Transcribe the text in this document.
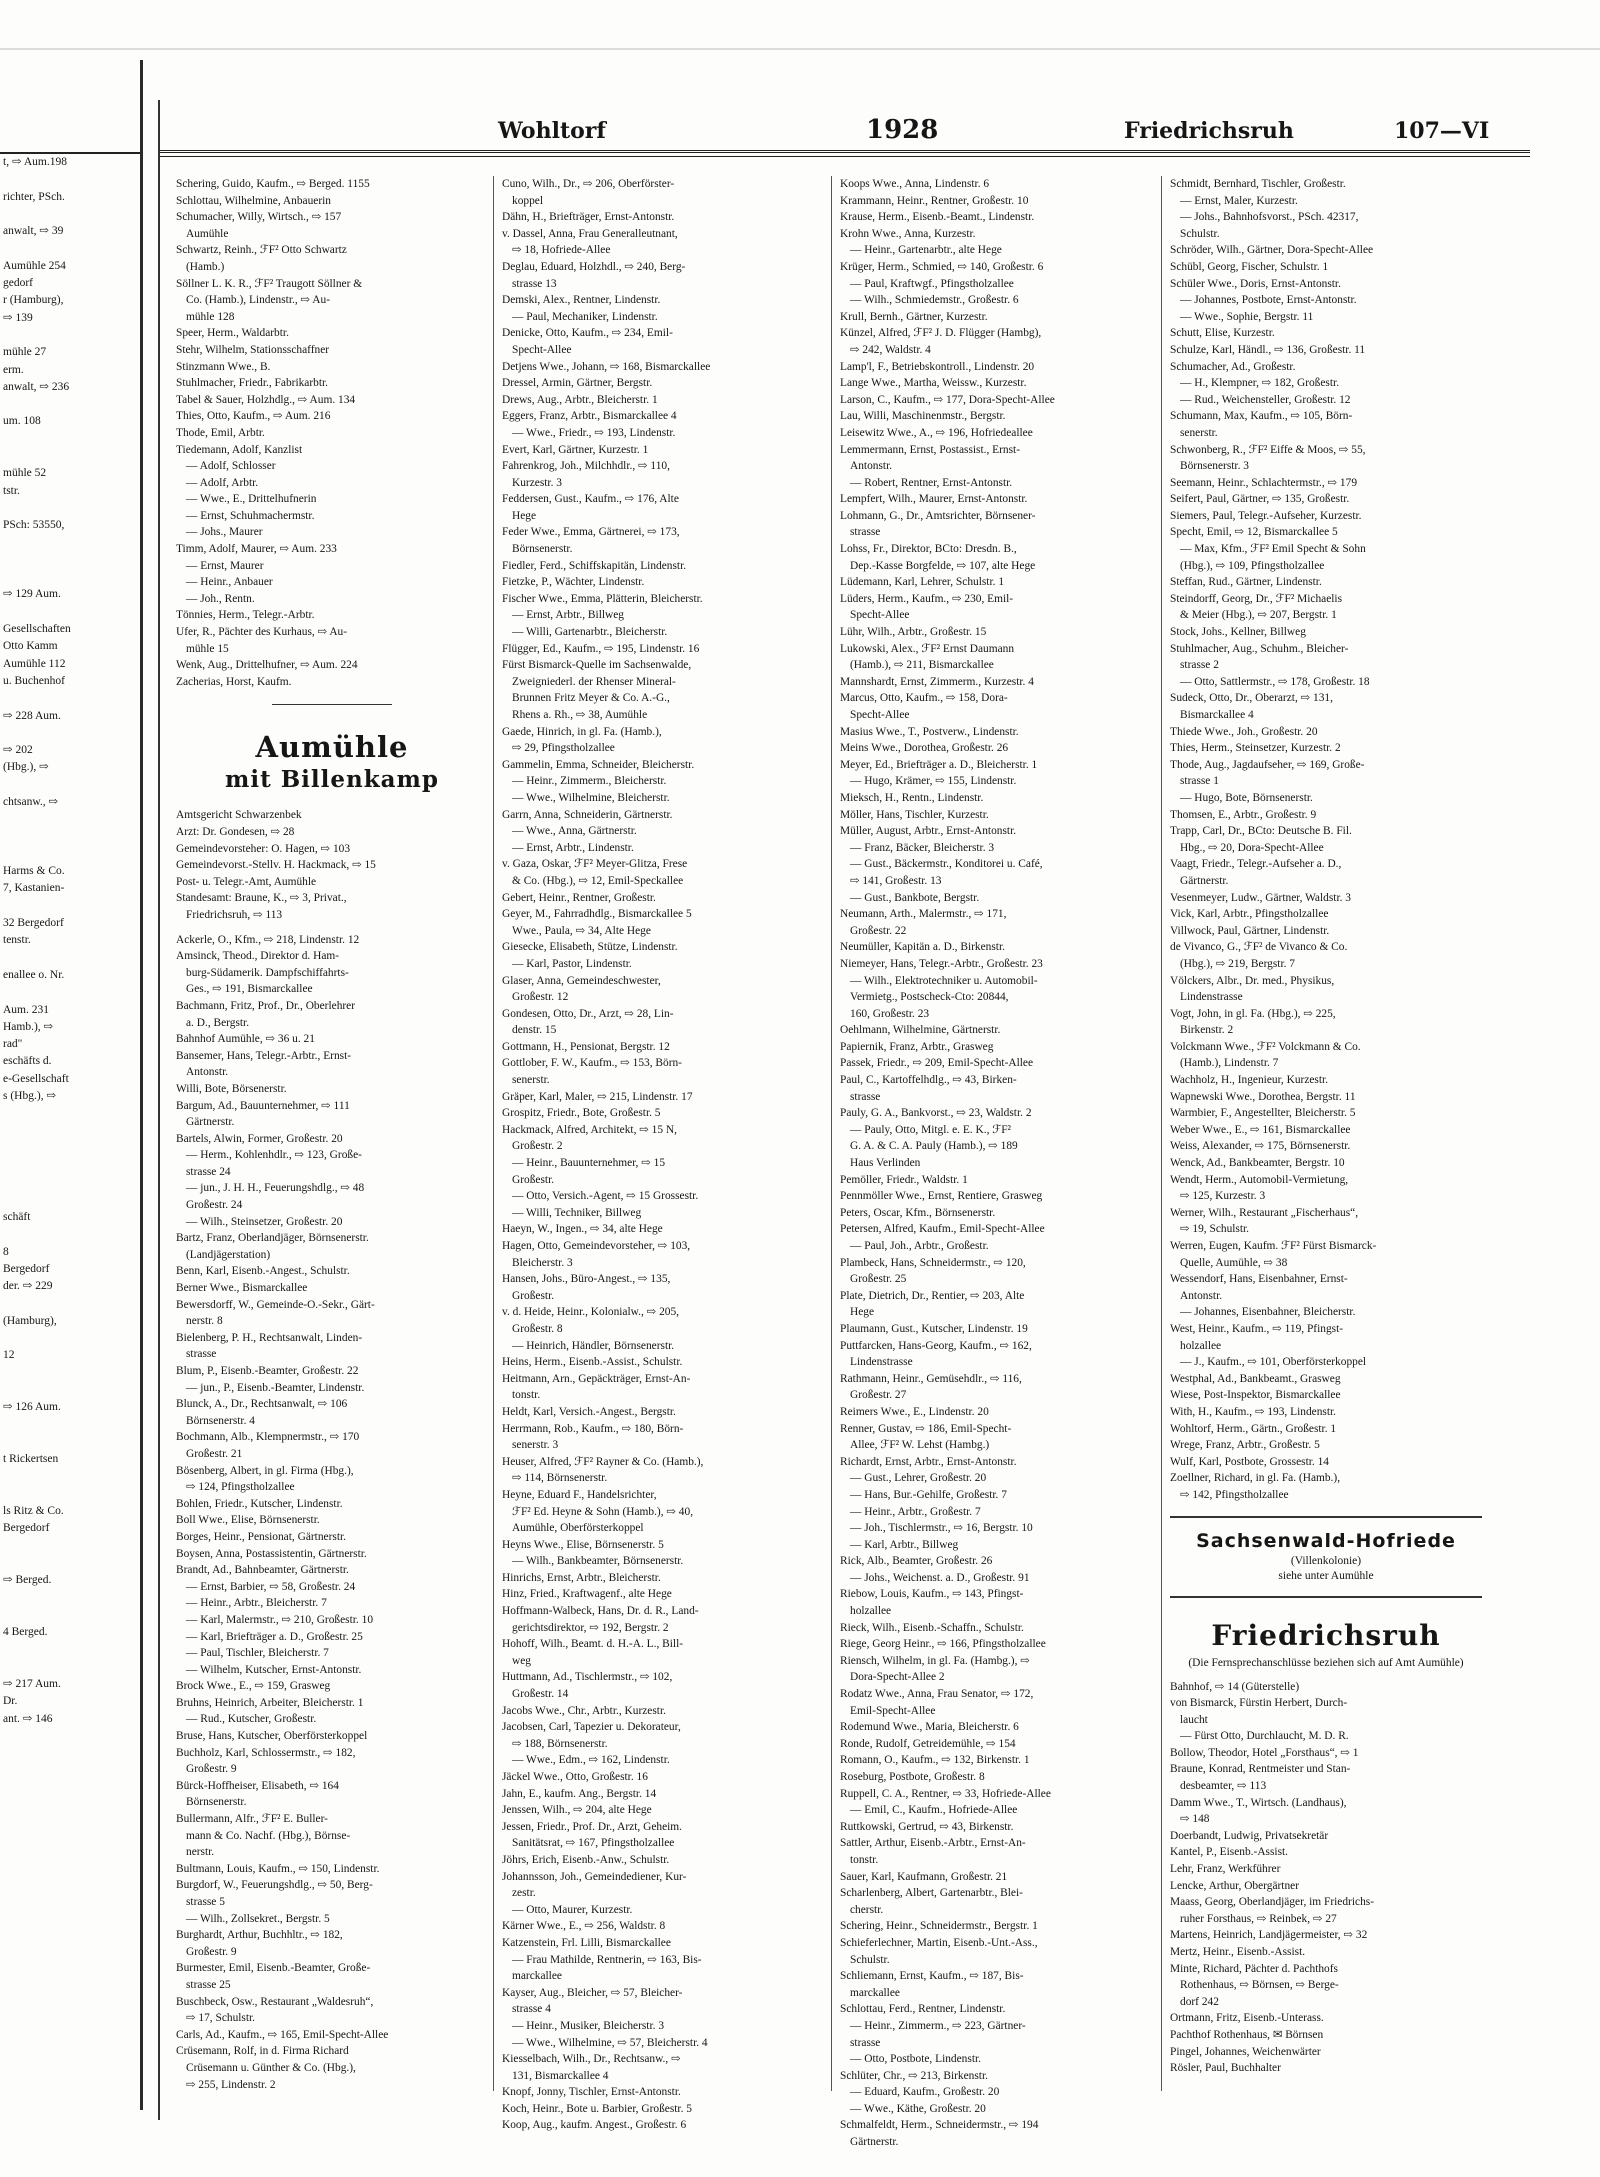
t, ⇨ Aum.198

richter, PSch.

anwalt, ⇨ 39

Aumühle 254
gedorf
r (Hamburg),
⇨ 139

mühle 27
erm.
anwalt, ⇨ 236

um. 108

mühle 52
tstr.

PSch: 53550,

⇨ 129 Aum.

Gesellschaften
Otto Kamm
Aumühle 112
u. Buchenhof

⇨ 228 Aum.

⇨ 202
(Hbg.), ⇨

chtsanw., ⇨

Harms & Co.
7, Kastanien-

32 Bergedorf
tenstr.

enallee o. Nr.

Aum. 231
Hamb.), ⇨
rad"
eschäfts d.
e-Gesellschaft
s (Hbg.), ⇨

schäft

8
Bergedorf
der. ⇨ 229

(Hamburg),

12

⇨ 126 Aum.

t Rickertsen

ls Ritz & Co.
Bergedorf

⇨ Berged.

4 Berged.

⇨ 217 Aum.
Dr.
ant. ⇨ 146
Wohltorf	1928	Friedrichsruh	107—VI
Schering, Guido, Kaufm., ⇨ Berged. 1155
Schlottau, Wilhelmine, Anbauerin
Schumacher, Willy, Wirtsch., ⇨ 157
Aumühle
Schwartz, Reinh., ℱF² Otto Schwartz
(Hamb.)
Söllner L. K. R., ℱF² Traugott Söllner &
Co. (Hamb.), Lindenstr., ⇨ Au-
mühle 128
Speer, Herm., Waldarbtr.
Stehr, Wilhelm, Stationsschaffner
Stinzmann Wwe., B.
Stuhlmacher, Friedr., Fabrikarbtr.
Tabel & Sauer, Holzhdlg., ⇨ Aum. 134
Thies, Otto, Kaufm., ⇨ Aum. 216
Thode, Emil, Arbtr.
Tiedemann, Adolf, Kanzlist
— Adolf, Schlosser
— Adolf, Arbtr.
— Wwe., E., Drittelhufnerin
— Ernst, Schuhmachermstr.
— Johs., Maurer
Timm, Adolf, Maurer, ⇨ Aum. 233
— Ernst, Maurer
— Heinr., Anbauer
— Joh., Rentn.
Tönnies, Herm., Telegr.-Arbtr.
Ufer, R., Pächter des Kurhaus, ⇨ Au-
mühle 15
Wenk, Aug., Drittelhufner, ⇨ Aum. 224
Zacherias, Horst, Kaufm.
Aumühle
mit Billenkamp
Amtsgericht Schwarzenbek
Arzt: Dr. Gondesen, ⇨ 28
Gemeindevorsteher: O. Hagen, ⇨ 103
Gemeindevorst.-Stellv. H. Hackmack, ⇨ 15
Post- u. Telegr.-Amt, Aumühle
Standesamt: Braune, K., ⇨ 3, Privat.,
Friedrichsruh, ⇨ 113
Ackerle, O., Kfm., ⇨ 218, Lindenstr. 12
Amsinck, Theod., Direktor d. Ham-
burg-Südamerik. Dampfschiffahrts-
Ges., ⇨ 191, Bismarckallee
Bachmann, Fritz, Prof., Dr., Oberlehrer
a. D., Bergstr.
Bahnhof Aumühle, ⇨ 36 u. 21
Bansemer, Hans, Telegr.-Arbtr., Ernst-
Antonstr.
Willi, Bote, Börsenerstr.
Bargum, Ad., Bauunternehmer, ⇨ 111
Gärtnerstr.
Bartels, Alwin, Former, Großestr. 20
— Herm., Kohlenhdlr., ⇨ 123, Große-
strasse 24
— jun., J. H. H., Feuerungshdlg., ⇨ 48
Großestr. 24
— Wilh., Steinsetzer, Großestr. 20
Bartz, Franz, Oberlandjäger, Börnsenerstr.
(Landjägerstation)
Benn, Karl, Eisenb.-Angest., Schulstr.
Berner Wwe., Bismarckallee
Bewersdorff, W., Gemeinde-O.-Sekr., Gärt-
nerstr. 8
Bielenberg, P. H., Rechtsanwalt, Linden-
strasse
Blum, P., Eisenb.-Beamter, Großestr. 22
— jun., P., Eisenb.-Beamter, Lindenstr.
Blunck, A., Dr., Rechtsanwalt, ⇨ 106
Börnsenerstr. 4
Bochmann, Alb., Klempnermstr., ⇨ 170
Großestr. 21
Bösenberg, Albert, in gl. Firma (Hbg.),
⇨ 124, Pfingstholzallee
Bohlen, Friedr., Kutscher, Lindenstr.
Boll Wwe., Elise, Börnsenerstr.
Borges, Heinr., Pensionat, Gärtnerstr.
Boysen, Anna, Postassistentin, Gärtnerstr.
Brandt, Ad., Bahnbeamter, Gärtnerstr.
— Ernst, Barbier, ⇨ 58, Großestr. 24
— Heinr., Arbtr., Bleicherstr. 7
— Karl, Malermstr., ⇨ 210, Großestr. 10
— Karl, Briefträger a. D., Großestr. 25
— Paul, Tischler, Bleicherstr. 7
— Wilhelm, Kutscher, Ernst-Antonstr.
Brock Wwe., E., ⇨ 159, Grasweg
Bruhns, Heinrich, Arbeiter, Bleicherstr. 1
— Rud., Kutscher, Großestr.
Bruse, Hans, Kutscher, Oberförsterkoppel
Buchholz, Karl, Schlossermstr., ⇨ 182,
Großestr. 9
Bürck-Hoffheiser, Elisabeth, ⇨ 164
Börnsenerstr.
Bullermann, Alfr., ℱF² E. Buller-
mann & Co. Nachf. (Hbg.), Börnse-
nerstr.
Bultmann, Louis, Kaufm., ⇨ 150, Lindenstr.
Burgdorf, W., Feuerungshdlg., ⇨ 50, Berg-
strasse 5
— Wilh., Zollsekret., Bergstr. 5
Burghardt, Arthur, Buchhltr., ⇨ 182,
Großestr. 9
Burmester, Emil, Eisenb.-Beamter, Große-
strasse 25
Buschbeck, Osw., Restaurant „Waldesruh“,
⇨ 17, Schulstr.
Carls, Ad., Kaufm., ⇨ 165, Emil-Specht-Allee
Crüsemann, Rolf, in d. Firma Richard
Crüsemann u. Günther & Co. (Hbg.),
⇨ 255, Lindenstr. 2
Cuno, Wilh., Dr., ⇨ 206, Oberförster-
koppel
Dähn, H., Briefträger, Ernst-Antonstr.
v. Dassel, Anna, Frau Generalleutnant,
⇨ 18, Hofriede-Allee
Deglau, Eduard, Holzhdl., ⇨ 240, Berg-
strasse 13
Demski, Alex., Rentner, Lindenstr.
— Paul, Mechaniker, Lindenstr.
Denicke, Otto, Kaufm., ⇨ 234, Emil-
Specht-Allee
Detjens Wwe., Johann, ⇨ 168, Bismarckallee
Dressel, Armin, Gärtner, Bergstr.
Drews, Aug., Arbtr., Bleicherstr. 1
Eggers, Franz, Arbtr., Bismarckallee 4
— Wwe., Friedr., ⇨ 193, Lindenstr.
Evert, Karl, Gärtner, Kurzestr. 1
Fahrenkrog, Joh., Milchhdlr., ⇨ 110,
Kurzestr. 3
Feddersen, Gust., Kaufm., ⇨ 176, Alte
Hege
Feder Wwe., Emma, Gärtnerei, ⇨ 173,
Börnsenerstr.
Fiedler, Ferd., Schiffskapitän, Lindenstr.
Fietzke, P., Wächter, Lindenstr.
Fischer Wwe., Emma, Plätterin, Bleicherstr.
— Ernst, Arbtr., Billweg
— Willi, Gartenarbtr., Bleicherstr.
Flügger, Ed., Kaufm., ⇨ 195, Lindenstr. 16
Fürst Bismarck-Quelle im Sachsenwalde,
Zweigniederl. der Rhenser Mineral-
Brunnen Fritz Meyer & Co. A.-G.,
Rhens a. Rh., ⇨ 38, Aumühle
Gaede, Hinrich, in gl. Fa. (Hamb.),
⇨ 29, Pfingstholzallee
Gammelin, Emma, Schneider, Bleicherstr.
— Heinr., Zimmerm., Bleicherstr.
— Wwe., Wilhelmine, Bleicherstr.
Garrn, Anna, Schneiderin, Gärtnerstr.
— Wwe., Anna, Gärtnerstr.
— Ernst, Arbtr., Lindenstr.
v. Gaza, Oskar, ℱF² Meyer-Glitza, Frese
& Co. (Hbg.), ⇨ 12, Emil-Speckallee
Gebert, Heinr., Rentner, Großestr.
Geyer, M., Fahrradhdlg., Bismarckallee 5
Wwe., Paula, ⇨ 34, Alte Hege
Giesecke, Elisabeth, Stütze, Lindenstr.
— Karl, Pastor, Lindenstr.
Glaser, Anna, Gemeindeschwester,
Großestr. 12
Gondesen, Otto, Dr., Arzt, ⇨ 28, Lin-
denstr. 15
Gottmann, H., Pensionat, Bergstr. 12
Gottlober, F. W., Kaufm., ⇨ 153, Börn-
senerstr.
Gräper, Karl, Maler, ⇨ 215, Lindenstr. 17
Grospitz, Friedr., Bote, Großestr. 5
Hackmack, Alfred, Architekt, ⇨ 15 N,
Großestr. 2
— Heinr., Bauunternehmer, ⇨ 15
Großestr.
— Otto, Versich.-Agent, ⇨ 15 Grossestr.
— Willi, Techniker, Billweg
Haeyn, W., Ingen., ⇨ 34, alte Hege
Hagen, Otto, Gemeindevorsteher, ⇨ 103,
Bleicherstr. 3
Hansen, Johs., Büro-Angest., ⇨ 135,
Großestr.
v. d. Heide, Heinr., Kolonialw., ⇨ 205,
Großestr. 8
— Heinrich, Händler, Börnsenerstr.
Heins, Herm., Eisenb.-Assist., Schulstr.
Heitmann, Arn., Gepäckträger, Ernst-An-
tonstr.
Heldt, Karl, Versich.-Angest., Bergstr.
Herrmann, Rob., Kaufm., ⇨ 180, Börn-
senerstr. 3
Heuser, Alfred, ℱF² Rayner & Co. (Hamb.),
⇨ 114, Börnsenerstr.
Heyne, Eduard F., Handelsrichter,
ℱF² Ed. Heyne & Sohn (Hamb.), ⇨ 40,
Aumühle, Oberförsterkoppel
Heyns Wwe., Elise, Börnsenerstr. 5
— Wilh., Bankbeamter, Börnsenerstr.
Hinrichs, Ernst, Arbtr., Bleicherstr.
Hinz, Fried., Kraftwagenf., alte Hege
Hoffmann-Walbeck, Hans, Dr. d. R., Land-
gerichtsdirektor, ⇨ 192, Bergstr. 2
Hohoff, Wilh., Beamt. d. H.-A. L., Bill-
weg
Huttmann, Ad., Tischlermstr., ⇨ 102,
Großestr. 14
Jacobs Wwe., Chr., Arbtr., Kurzestr.
Jacobsen, Carl, Tapezier u. Dekorateur,
⇨ 188, Börnsenerstr.
— Wwe., Edm., ⇨ 162, Lindenstr.
Jäckel Wwe., Otto, Großestr. 16
Jahn, E., kaufm. Ang., Bergstr. 14
Jenssen, Wilh., ⇨ 204, alte Hege
Jessen, Friedr., Prof. Dr., Arzt, Geheim.
Sanitätsrat, ⇨ 167, Pfingstholzallee
Jöhrs, Erich, Eisenb.-Anw., Schulstr.
Johannsson, Joh., Gemeindediener, Kur-
zestr.
— Otto, Maurer, Kurzestr.
Kärner Wwe., E., ⇨ 256, Waldstr. 8
Katzenstein, Frl. Lilli, Bismarckallee
— Frau Mathilde, Rentnerin, ⇨ 163, Bis-
marckallee
Kayser, Aug., Bleicher, ⇨ 57, Bleicher-
strasse 4
— Heinr., Musiker, Bleicherstr. 3
— Wwe., Wilhelmine, ⇨ 57, Bleicherstr. 4
Kiesselbach, Wilh., Dr., Rechtsanw., ⇨
131, Bismarckallee 4
Knopf, Jonny, Tischler, Ernst-Antonstr.
Koch, Heinr., Bote u. Barbier, Großestr. 5
Koop, Aug., kaufm. Angest., Großestr. 6
Koops Wwe., Anna, Lindenstr. 6
Krammann, Heinr., Rentner, Großestr. 10
Krause, Herm., Eisenb.-Beamt., Lindenstr.
Krohn Wwe., Anna, Kurzestr.
— Heinr., Gartenarbtr., alte Hege
Krüger, Herm., Schmied, ⇨ 140, Großestr. 6
— Paul, Kraftwgf., Pfingstholzallee
— Wilh., Schmiedemstr., Großestr. 6
Krull, Bernh., Gärtner, Kurzestr.
Künzel, Alfred, ℱF² J. D. Flügger (Hambg),
⇨ 242, Waldstr. 4
Lamp'l, F., Betriebskontroll., Lindenstr. 20
Lange Wwe., Martha, Weissw., Kurzestr.
Larson, C., Kaufm., ⇨ 177, Dora-Specht-Allee
Lau, Willi, Maschinenmstr., Bergstr.
Leisewitz Wwe., A., ⇨ 196, Hofriedeallee
Lemmermann, Ernst, Postassist., Ernst-
Antonstr.
— Robert, Rentner, Ernst-Antonstr.
Lempfert, Wilh., Maurer, Ernst-Antonstr.
Lohmann, G., Dr., Amtsrichter, Börnsener-
strasse
Lohss, Fr., Direktor, BCto: Dresdn. B.,
Dep.-Kasse Borgfelde, ⇨ 107, alte Hege
Lüdemann, Karl, Lehrer, Schulstr. 1
Lüders, Herm., Kaufm., ⇨ 230, Emil-
Specht-Allee
Lühr, Wilh., Arbtr., Großestr. 15
Lukowski, Alex., ℱF² Ernst Daumann
(Hamb.), ⇨ 211, Bismarckallee
Mannshardt, Ernst, Zimmerm., Kurzestr. 4
Marcus, Otto, Kaufm., ⇨ 158, Dora-
Specht-Allee
Masius Wwe., T., Postverw., Lindenstr.
Meins Wwe., Dorothea, Großestr. 26
Meyer, Ed., Briefträger a. D., Bleicherstr. 1
— Hugo, Krämer, ⇨ 155, Lindenstr.
Mieksch, H., Rentn., Lindenstr.
Möller, Hans, Tischler, Kurzestr.
Müller, August, Arbtr., Ernst-Antonstr.
— Franz, Bäcker, Bleicherstr. 3
— Gust., Bäckermstr., Konditorei u. Café,
⇨ 141, Großestr. 13
— Gust., Bankbote, Bergstr.
Neumann, Arth., Malermstr., ⇨ 171,
Großestr. 22
Neumüller, Kapitän a. D., Birkenstr.
Niemeyer, Hans, Telegr.-Arbtr., Großestr. 23
— Wilh., Elektrotechniker u. Automobil-
Vermietg., Postscheck-Cto: 20844,
160, Großestr. 23
Oehlmann, Wilhelmine, Gärtnerstr.
Papiernik, Franz, Arbtr., Grasweg
Passek, Friedr., ⇨ 209, Emil-Specht-Allee
Paul, C., Kartoffelhdlg., ⇨ 43, Birken-
strasse
Pauly, G. A., Bankvorst., ⇨ 23, Waldstr. 2
— Pauly, Otto, Mitgl. e. E. K., ℱF²
G. A. & C. A. Pauly (Hamb.), ⇨ 189
Haus Verlinden
Pemöller, Friedr., Waldstr. 1
Pennmöller Wwe., Ernst, Rentiere, Grasweg
Peters, Oscar, Kfm., Börnsenerstr.
Petersen, Alfred, Kaufm., Emil-Specht-Allee
— Paul, Joh., Arbtr., Großestr.
Plambeck, Hans, Schneidermstr., ⇨ 120,
Großestr. 25
Plate, Dietrich, Dr., Rentier, ⇨ 203, Alte
Hege
Plaumann, Gust., Kutscher, Lindenstr. 19
Puttfarcken, Hans-Georg, Kaufm., ⇨ 162,
Lindenstrasse
Rathmann, Heinr., Gemüsehdlr., ⇨ 116,
Großestr. 27
Reimers Wwe., E., Lindenstr. 20
Renner, Gustav, ⇨ 186, Emil-Specht-
Allee, ℱF² W. Lehst (Hambg.)
Richardt, Ernst, Arbtr., Ernst-Antonstr.
— Gust., Lehrer, Großestr. 20
— Hans, Bur.-Gehilfe, Großestr. 7
— Heinr., Arbtr., Großestr. 7
— Joh., Tischlermstr., ⇨ 16, Bergstr. 10
— Karl, Arbtr., Billweg
Rick, Alb., Beamter, Großestr. 26
— Johs., Weichenst. a. D., Großestr. 91
Riebow, Louis, Kaufm., ⇨ 143, Pfingst-
holzallee
Rieck, Wilh., Eisenb.-Schaffn., Schulstr.
Riege, Georg Heinr., ⇨ 166, Pfingstholzallee
Riensch, Wilhelm, in gl. Fa. (Hambg.), ⇨
Dora-Specht-Allee 2
Rodatz Wwe., Anna, Frau Senator, ⇨ 172,
Emil-Specht-Allee
Rodemund Wwe., Maria, Bleicherstr. 6
Ronde, Rudolf, Getreidemühle, ⇨ 154
Romann, O., Kaufm., ⇨ 132, Birkenstr. 1
Roseburg, Postbote, Großestr. 8
Ruppell, C. A., Rentner, ⇨ 33, Hofriede-Allee
— Emil, C., Kaufm., Hofriede-Allee
Ruttkowski, Gertrud, ⇨ 43, Birkenstr.
Sattler, Arthur, Eisenb.-Arbtr., Ernst-An-
tonstr.
Sauer, Karl, Kaufmann, Großestr. 21
Scharlenberg, Albert, Gartenarbtr., Blei-
cherstr.
Schering, Heinr., Schneidermstr., Bergstr. 1
Schieferlechner, Martin, Eisenb.-Unt.-Ass.,
Schulstr.
Schliemann, Ernst, Kaufm., ⇨ 187, Bis-
marckallee
Schlottau, Ferd., Rentner, Lindenstr.
— Heinr., Zimmerm., ⇨ 223, Gärtner-
strasse
— Otto, Postbote, Lindenstr.
Schlüter, Chr., ⇨ 213, Birkenstr.
— Eduard, Kaufm., Großestr. 20
— Wwe., Käthe, Großestr. 20
Schmalfeldt, Herm., Schneidermstr., ⇨ 194
Gärtnerstr.
Schmidt, Bernhard, Tischler, Großestr.
— Ernst, Maler, Kurzestr.
— Johs., Bahnhofsvorst., PSch. 42317,
Schulstr.
Schröder, Wilh., Gärtner, Dora-Specht-Allee
Schübl, Georg, Fischer, Schulstr. 1
Schüler Wwe., Doris, Ernst-Antonstr.
— Johannes, Postbote, Ernst-Antonstr.
— Wwe., Sophie, Bergstr. 11
Schutt, Elise, Kurzestr.
Schulze, Karl, Händl., ⇨ 136, Großestr. 11
Schumacher, Ad., Großestr.
— H., Klempner, ⇨ 182, Großestr.
— Rud., Weichensteller, Großestr. 12
Schumann, Max, Kaufm., ⇨ 105, Börn-
senerstr.
Schwonberg, R., ℱF² Eiffe & Moos, ⇨ 55,
Börnsenerstr. 3
Seemann, Heinr., Schlachtermstr., ⇨ 179
Seifert, Paul, Gärtner, ⇨ 135, Großestr.
Siemers, Paul, Telegr.-Aufseher, Kurzestr.
Specht, Emil, ⇨ 12, Bismarckallee 5
— Max, Kfm., ℱF² Emil Specht & Sohn
(Hbg.), ⇨ 109, Pfingstholzallee
Steffan, Rud., Gärtner, Lindenstr.
Steindorff, Georg, Dr., ℱF² Michaelis
& Meier (Hbg.), ⇨ 207, Bergstr. 1
Stock, Johs., Kellner, Billweg
Stuhlmacher, Aug., Schuhm., Bleicher-
strasse 2
— Otto, Sattlermstr., ⇨ 178, Großestr. 18
Sudeck, Otto, Dr., Oberarzt, ⇨ 131,
Bismarckallee 4
Thiede Wwe., Joh., Großestr. 20
Thies, Herm., Steinsetzer, Kurzestr. 2
Thode, Aug., Jagdaufseher, ⇨ 169, Große-
strasse 1
— Hugo, Bote, Börnsenerstr.
Thomsen, E., Arbtr., Großestr. 9
Trapp, Carl, Dr., BCto: Deutsche B. Fil.
Hbg., ⇨ 20, Dora-Specht-Allee
Vaagt, Friedr., Telegr.-Aufseher a. D.,
Gärtnerstr.
Vesenmeyer, Ludw., Gärtner, Waldstr. 3
Vick, Karl, Arbtr., Pfingstholzallee
Villwock, Paul, Gärtner, Lindenstr.
de Vivanco, G., ℱF² de Vivanco & Co.
(Hbg.), ⇨ 219, Bergstr. 7
Völckers, Albr., Dr. med., Physikus,
Lindenstrasse
Vogt, John, in gl. Fa. (Hbg.), ⇨ 225,
Birkenstr. 2
Volckmann Wwe., ℱF² Volckmann & Co.
(Hamb.), Lindenstr. 7
Wachholz, H., Ingenieur, Kurzestr.
Wapnewski Wwe., Dorothea, Bergstr. 11
Warmbier, F., Angestellter, Bleicherstr. 5
Weber Wwe., E., ⇨ 161, Bismarckallee
Weiss, Alexander, ⇨ 175, Börnsenerstr.
Wenck, Ad., Bankbeamter, Bergstr. 10
Wendt, Herm., Automobil-Vermietung,
⇨ 125, Kurzestr. 3
Werner, Wilh., Restaurant „Fischerhaus“,
⇨ 19, Schulstr.
Werren, Eugen, Kaufm. ℱF² Fürst Bismarck-
Quelle, Aumühle, ⇨ 38
Wessendorf, Hans, Eisenbahner, Ernst-
Antonstr.
— Johannes, Eisenbahner, Bleicherstr.
West, Heinr., Kaufm., ⇨ 119, Pfingst-
holzallee
— J., Kaufm., ⇨ 101, Oberförsterkoppel
Westphal, Ad., Bankbeamt., Grasweg
Wiese, Post-Inspektor, Bismarckallee
With, H., Kaufm., ⇨ 193, Lindenstr.
Wohltorf, Herm., Gärtn., Großestr. 1
Wrege, Franz, Arbtr., Großestr. 5
Wulf, Karl, Postbote, Grossestr. 14
Zoellner, Richard, in gl. Fa. (Hamb.),
⇨ 142, Pfingstholzallee
Sachsenwald-Hofriede
(Villenkolonie)
siehe unter Aumühle
Friedrichsruh
(Die Fernsprechanschlüsse beziehen sich auf Amt Aumühle)
Bahnhof, ⇨ 14 (Güterstelle)
von Bismarck, Fürstin Herbert, Durch-
laucht
— Fürst Otto, Durchlaucht, M. D. R.
Bollow, Theodor, Hotel „Forsthaus“, ⇨ 1
Braune, Konrad, Rentmeister und Stan-
desbeamter, ⇨ 113
Damm Wwe., T., Wirtsch. (Landhaus),
⇨ 148
Doerbandt, Ludwig, Privatsekretär
Kantel, P., Eisenb.-Assist.
Lehr, Franz, Werkführer
Lencke, Arthur, Obergärtner
Maass, Georg, Oberlandjäger, im Friedrichs-
ruher Forsthaus, ⇨ Reinbek, ⇨ 27
Martens, Heinrich, Landjägermeister, ⇨ 32
Mertz, Heinr., Eisenb.-Assist.
Minte, Richard, Pächter d. Pachthofs
Rothenhaus, ⇨ Börnsen, ⇨ Berge-
dorf 242
Ortmann, Fritz, Eisenb.-Unterass.
Pachthof Rothenhaus, ✉ Börnsen
Pingel, Johannes, Weichenwärter
Rösler, Paul, Buchhalter
